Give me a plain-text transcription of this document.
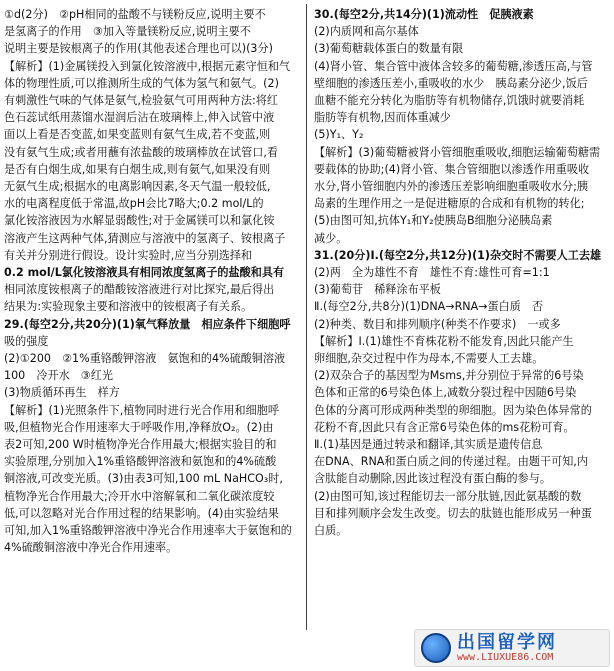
①d(2分)　②pH相同的盐酸不与镁粉反应,说明主要不
是氢离子的作用　③加入等量镁粉反应,说明主要不
说明主要是铵根离子的作用(其他表述合理也可以)(3分)
【解析】(1)金属镁投入到氯化铵溶液中,根据元素守恒和气
体的物理性质,可以推测所生成的气体为氢气和氨气。(2)
有刺激性气味的气体是氨气,检验氨气可用两种方法:将红
色石蕊试纸用蒸馏水湿润后沾在玻璃棒上,伸入试管中液
面以上看是否变蓝,如果变蓝则有氨气生成,若不变蓝,则
没有氨气生成;或者用蘸有浓盐酸的玻璃棒放在试管口,看
是否有白烟生成,如果有白烟生成,则有氨气,如果没有则
无氨气生成;根据水的电离影响因素,冬天气温一般较低,
水的电离程度低于常温,故pH会比7略大;0.2 mol/L的
氯化铵溶液因为水解显弱酸性;对于金属镁可以和氯化铵
溶液产生这两种气体,猜测应与溶液中的氢离子、铵根离子
有关并分别进行假设。设计实验时,应当分别选择和
0.2 mol/L氯化铵溶液具有相同浓度氢离子的盐酸和具有
相同浓度铵根离子的醋酸铵溶液进行对比探究,最后得出
结果为:实验现象主要和溶液中的铵根离子有关系。
29.(每空2分,共20分)(1)氧气释放量　相应条件下细胞呼
吸的强度
(2)①200　②1%重铬酸钾溶液　氨饱和的4%硫酸铜溶液
100　冷开水　③红光
(3)物质循环再生　样方
【解析】(1)光照条件下,植物同时进行光合作用和细胞呼
吸,但植物光合作用速率大于呼吸作用,净释放O₂。(2)由
表2可知,200 W时植物净光合作用最大;根据实验目的和
实验原理,分别加入1%重铬酸钾溶液和氨饱和的4%硫酸
铜溶液,可改变光质。(3)由表3可知,100 mL NaHCO₃时,
植物净光合作用最大;冷开水中溶解氧和二氧化碳浓度较
低,可以忽略对光合作用过程的结果影响。(4)由实验结果
可知,加入1%重铬酸钾溶液中净光合作用速率大于氨饱和的
4%硫酸铜溶液中净光合作用速率。
30.(每空2分,共14分)(1)流动性　促胰液素
(2)内质网和高尔基体
(3)葡萄糖载体蛋白的数量有限
(4)肾小管、集合管中液体含较多的葡萄糖,渗透压高,与管
壁细胞的渗透压差小,重吸收的水少　胰岛素分泌少,饭后
血糖不能充分转化为脂肪等有机物储存,饥饿时就要消耗
脂肪等有机物,因而体重减少
(5)Y₁、Y₂
【解析】(3)葡萄糖被肾小管细胞重吸收,细胞运输葡萄糖需
要载体的协助;(4)肾小管、集合管细胞以渗透作用重吸收
水分,肾小管细胞内外的渗透压差影响细胞重吸收水分;胰
岛素的生理作用之一是促进糖原的合成和有机物的转化;
(5)由图可知,抗体Y₁和Y₂使胰岛B细胞分泌胰岛素
减少。
31.(20分)Ⅰ.(每空2分,共12分)(1)杂交时不需要人工去雄
(2)两　全为雄性不育　雄性不育:雄性可育=1:1
(3)葡萄苷　稀释涂布平板
Ⅱ.(每空2分,共8分)(1)DNA→RNA→蛋白质　否
(2)种类、数目和排列顺序(种类不作要求)　一或多
【解析】Ⅰ.(1)雄性不育株花粉不能发育,因此只能产生
卵细胞,杂交过程中作为母本,不需要人工去雄。
(2)双杂合子的基因型为Msms,并分别位于异常的6号染
色体和正常的6号染色体上,减数分裂过程中因随6号染
色体的分离可形成两种类型的卵细胞。因为染色体异常的
花粉不育,因此只有含正常6号染色体的ms花粉可育。
Ⅱ.(1)基因是通过转录和翻译,其实质是遗传信息
在DNA、RNA和蛋白质之间的传递过程。由题干可知,内
含肽能自动删除,因此该过程没有蛋白酶的参与。
(2)由图可知,该过程能切去一部分肽链,因此氨基酸的数
目和排列顺序会发生改变。切去的肽链也能形成另一种蛋
白质。
出国留学网
www.LIUXUE86.COM
